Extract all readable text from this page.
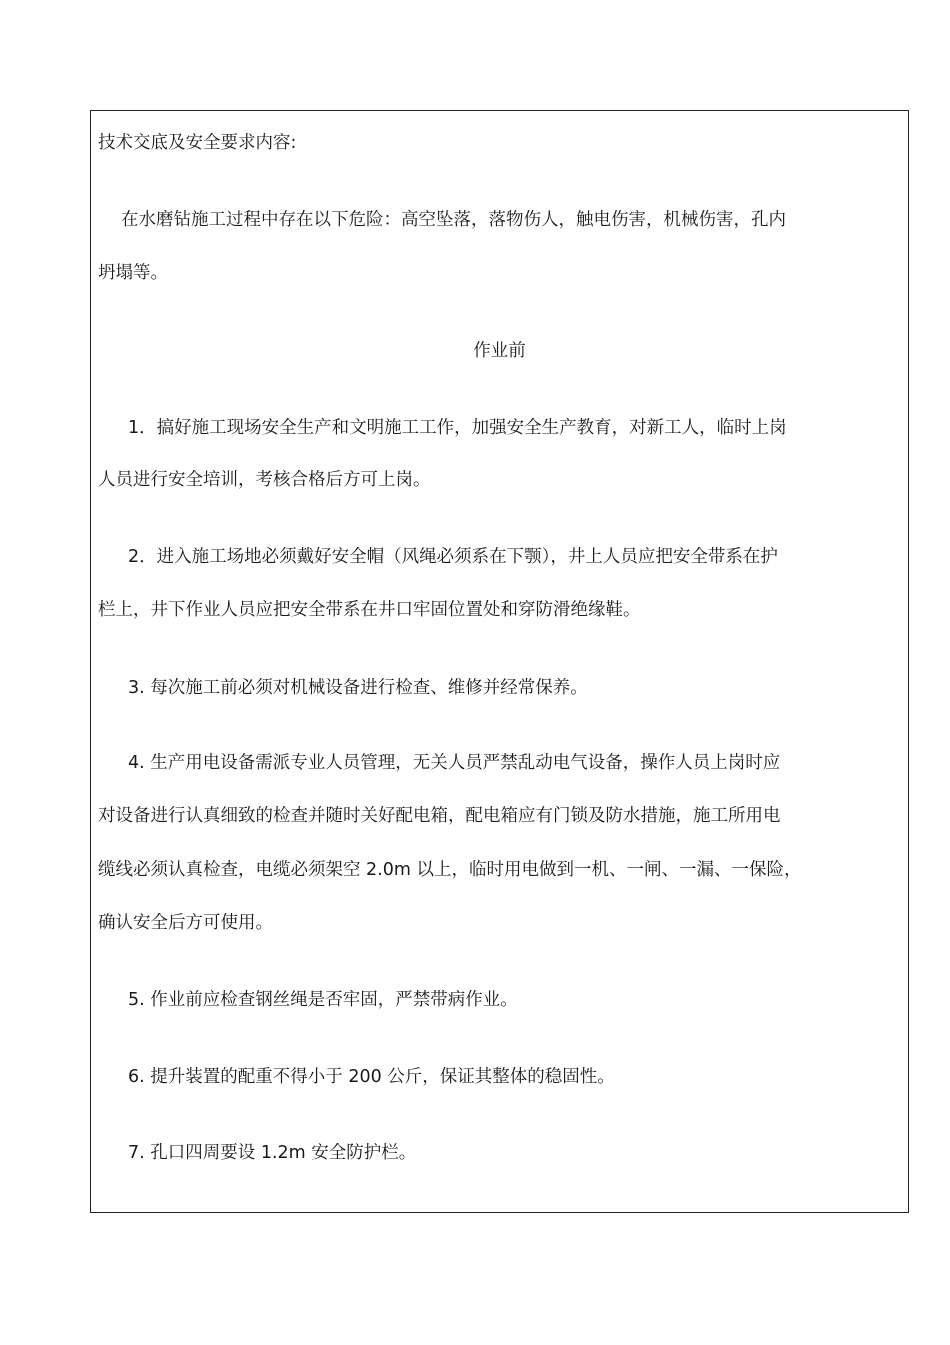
技术交底及安全要求内容:
在水磨钻施工过程中存在以下危险：高空坠落，落物伤人，触电伤害，机械伤害，孔内
坍塌等。
作业前
1．搞好施工现场安全生产和文明施工工作，加强安全生产教育，对新工人，临时上岗
人员进行安全培训，考核合格后方可上岗。
2．进入施工场地必须戴好安全帽（风绳必须系在下颚），井上人员应把安全带系在护
栏上，井下作业人员应把安全带系在井口牢固位置处和穿防滑绝缘鞋。
3. 每次施工前必须对机械设备进行检查、维修并经常保养。
4. 生产用电设备需派专业人员管理，无关人员严禁乱动电气设备，操作人员上岗时应
对设备进行认真细致的检查并随时关好配电箱，配电箱应有门锁及防水措施，施工所用电
缆线必须认真检查，电缆必须架空 2.0m 以上，临时用电做到一机、一闸、一漏、一保险，
确认安全后方可使用。
5. 作业前应检查钢丝绳是否牢固，严禁带病作业。
6. 提升装置的配重不得小于 200 公斤，保证其整体的稳固性。
7. 孔口四周要设 1.2m 安全防护栏。
